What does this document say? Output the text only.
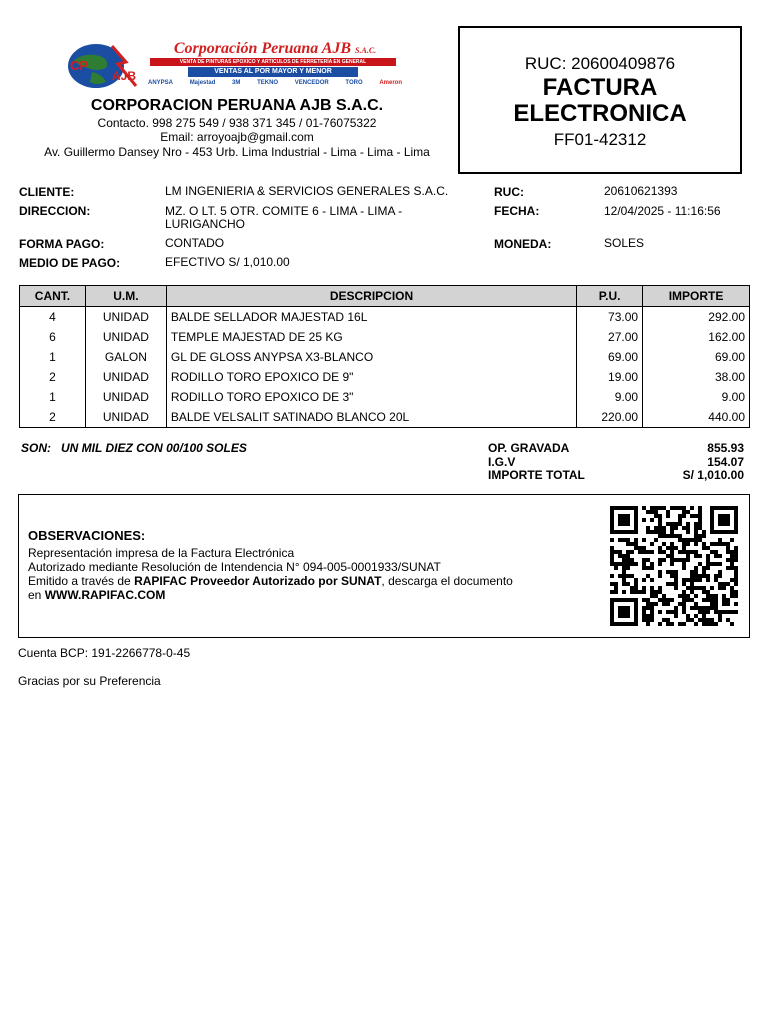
CP
AJB
Corporación Peruana AJB S.A.C.
VENTA DE PINTURAS EPOXICO Y ARTICULOS DE FERRETERÍA EN GENERAL
VENTAS AL POR MAYOR Y MENOR
ANYPSA	Majestad	3M	TEKNO	VENCEDOR	TORO	Ameron
CORPORACION PERUANA AJB S.A.C.
Contacto. 998 275 549 / 938 371 345 / 01-76075322
Email: arroyoajb@gmail.com
Av. Guillermo Dansey Nro - 453 Urb. Lima Industrial - Lima - Lima - Lima
RUC: 20600409876
FACTURA
ELECTRONICA
FF01-42312
CLIENTE:	LM INGENIERIA & SERVICIOS GENERALES S.A.C.
DIRECCION:	MZ. O LT. 5 OTR. COMITE 6 - LIMA - LIMA -
LURIGANCHO
FORMA PAGO:	CONTADO
MEDIO DE PAGO:	EFECTIVO S/ 1,010.00
RUC:	20610621393
FECHA:	12/04/2025 - 11:16:56
MONEDA:	SOLES
CANT.	U.M.	DESCRIPCION	P.U.	IMPORTE
4	UNIDAD	BALDE SELLADOR MAJESTAD 16L	73.00	292.00
6	UNIDAD	TEMPLE MAJESTAD DE 25 KG	27.00	162.00
1	GALON	GL DE GLOSS ANYPSA X3-BLANCO	69.00	69.00
2	UNIDAD	RODILLO TORO EPOXICO DE 9"	19.00	38.00
1	UNIDAD	RODILLO TORO EPOXICO DE 3"	9.00	9.00
2	UNIDAD	BALDE VELSALIT SATINADO BLANCO 20L	220.00	440.00
SON:   UN MIL DIEZ CON 00/100 SOLES	OP. GRAVADA	855.93
I.G.V	154.07
IMPORTE TOTAL	S/ 1,010.00
OBSERVACIONES:
Representación impresa de la Factura Electrónica
Autorizado mediante Resolución de Intendencia N° 094-005-0001933/SUNAT
Emitido a través de RAPIFAC Proveedor Autorizado por SUNAT, descarga el documento
en WWW.RAPIFAC.COM
Cuenta BCP: 191-2266778-0-45
Gracias por su Preferencia
